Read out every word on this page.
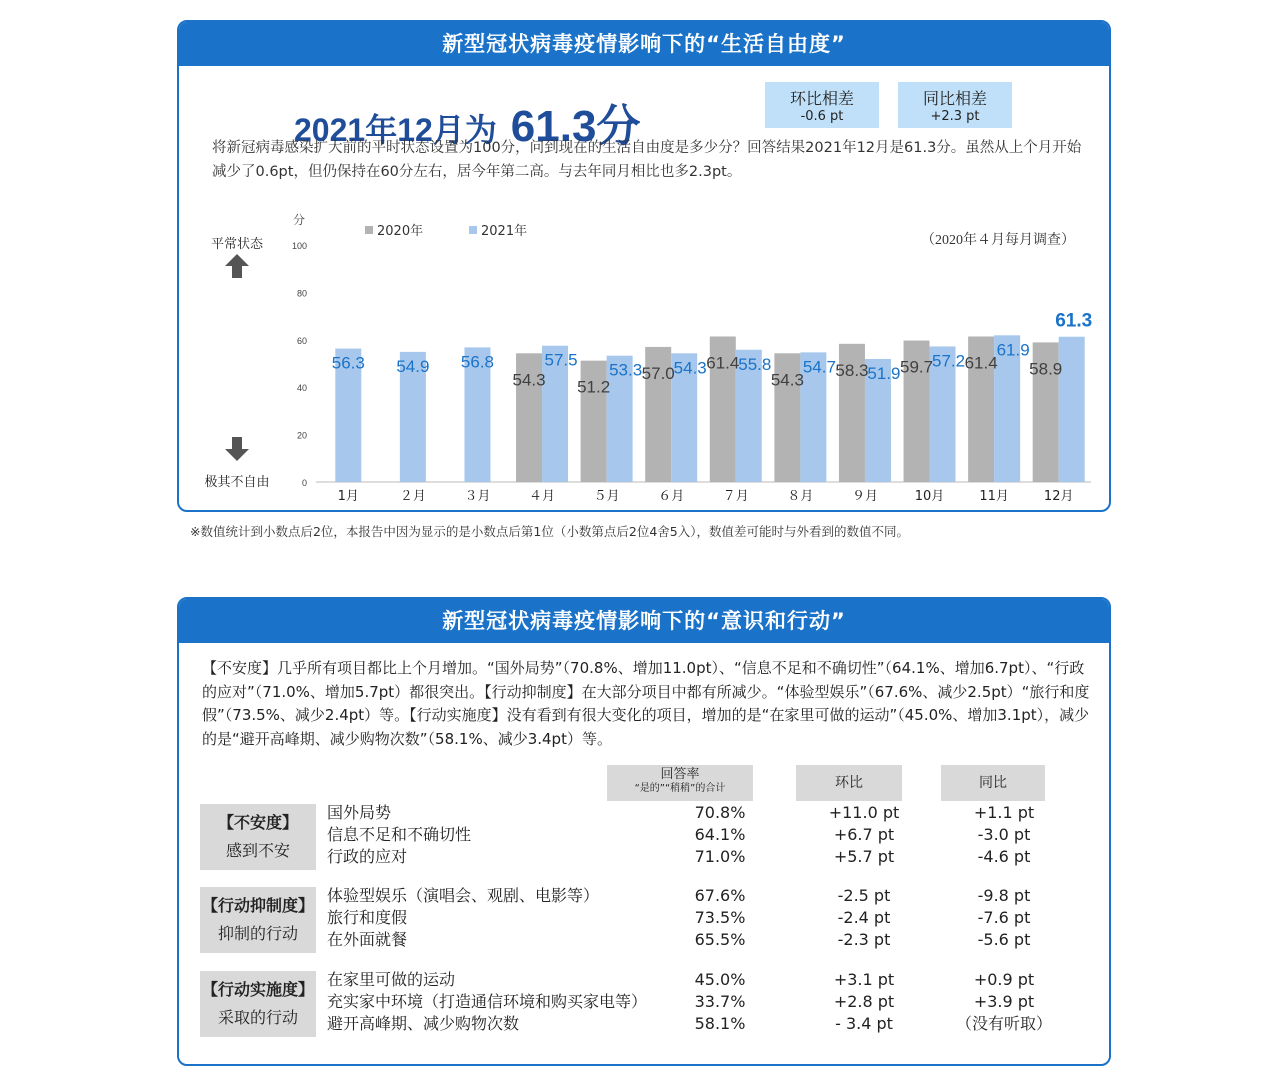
新型冠状病毒疫情影响下的“生活自由度”
2021年12月为 61.3分
环比相差
-0.6 pt
同比相差
+2.3 pt
将新冠病毒感染扩大前的平时状态设置为100分，问到现在的生活自由度是多少分？回答结果2021年12月是61.3分。虽然从上个月开始减少了0.6pt，但仍保持在60分左右，居今年第二高。与去年同月相比也多2.3pt。
分
0
20
40
60
80
100
平常状态
极其不自由
2020年	2021年
（2020年４月每月调查）
1月
56.3
２月
54.9
３月
56.8
４月
54.3
57.5
５月
51.2
53.3
６月
57.0
54.3
７月
61.4
55.8
８月
54.3
54.7
９月
58.3
51.9
10月
59.7
57.2
11月
61.4
61.9
12月
58.9
61.3
※数值统计到小数点后2位，本报告中因为显示的是小数点后第1位（小数第点后2位4舍5入），数值差可能时与外看到的数值不同。
新型冠状病毒疫情影响下的“意识和行动”
【不安度】几乎所有项目都比上个月增加。“国外局势”（70.8%、增加11.0pt）、“信息不足和不确切性”（64.1%、增加6.7pt）、“行政的应对”（71.0%、增加5.7pt）都很突出。【行动抑制度】在大部分项目中都有所减少。“体验型娱乐”（67.6%、减少2.5pt）“旅行和度假”（73.5%、减少2.4pt）等。【行动实施度】没有看到有很大变化的项目，增加的是“在家里可做的运动”（45.0%、增加3.1pt），减少的是“避开高峰期、减少购物次数”（58.1%、减少3.4pt）等。
回答率
“是的”“稍稍”的合计	环比	同比
【不安度】
感到不安
国外局势	70.8%	+11.0 pt	+1.1 pt
信息不足和不确切性	64.1%	+6.7 pt	-3.0 pt
行政的应对	71.0%	+5.7 pt	-4.6 pt
【行动抑制度】
抑制的行动
体验型娱乐（演唱会、观剧、电影等）	67.6%	-2.5 pt	-9.8 pt
旅行和度假	73.5%	-2.4 pt	-7.6 pt
在外面就餐	65.5%	-2.3 pt	-5.6 pt
【行动实施度】
采取的行动
在家里可做的运动	45.0%	+3.1 pt	+0.9 pt
充实家中环境（打造通信环境和购买家电等）	33.7%	+2.8 pt	+3.9 pt
避开高峰期、减少购物次数	58.1%	- 3.4 pt	（没有听取）
